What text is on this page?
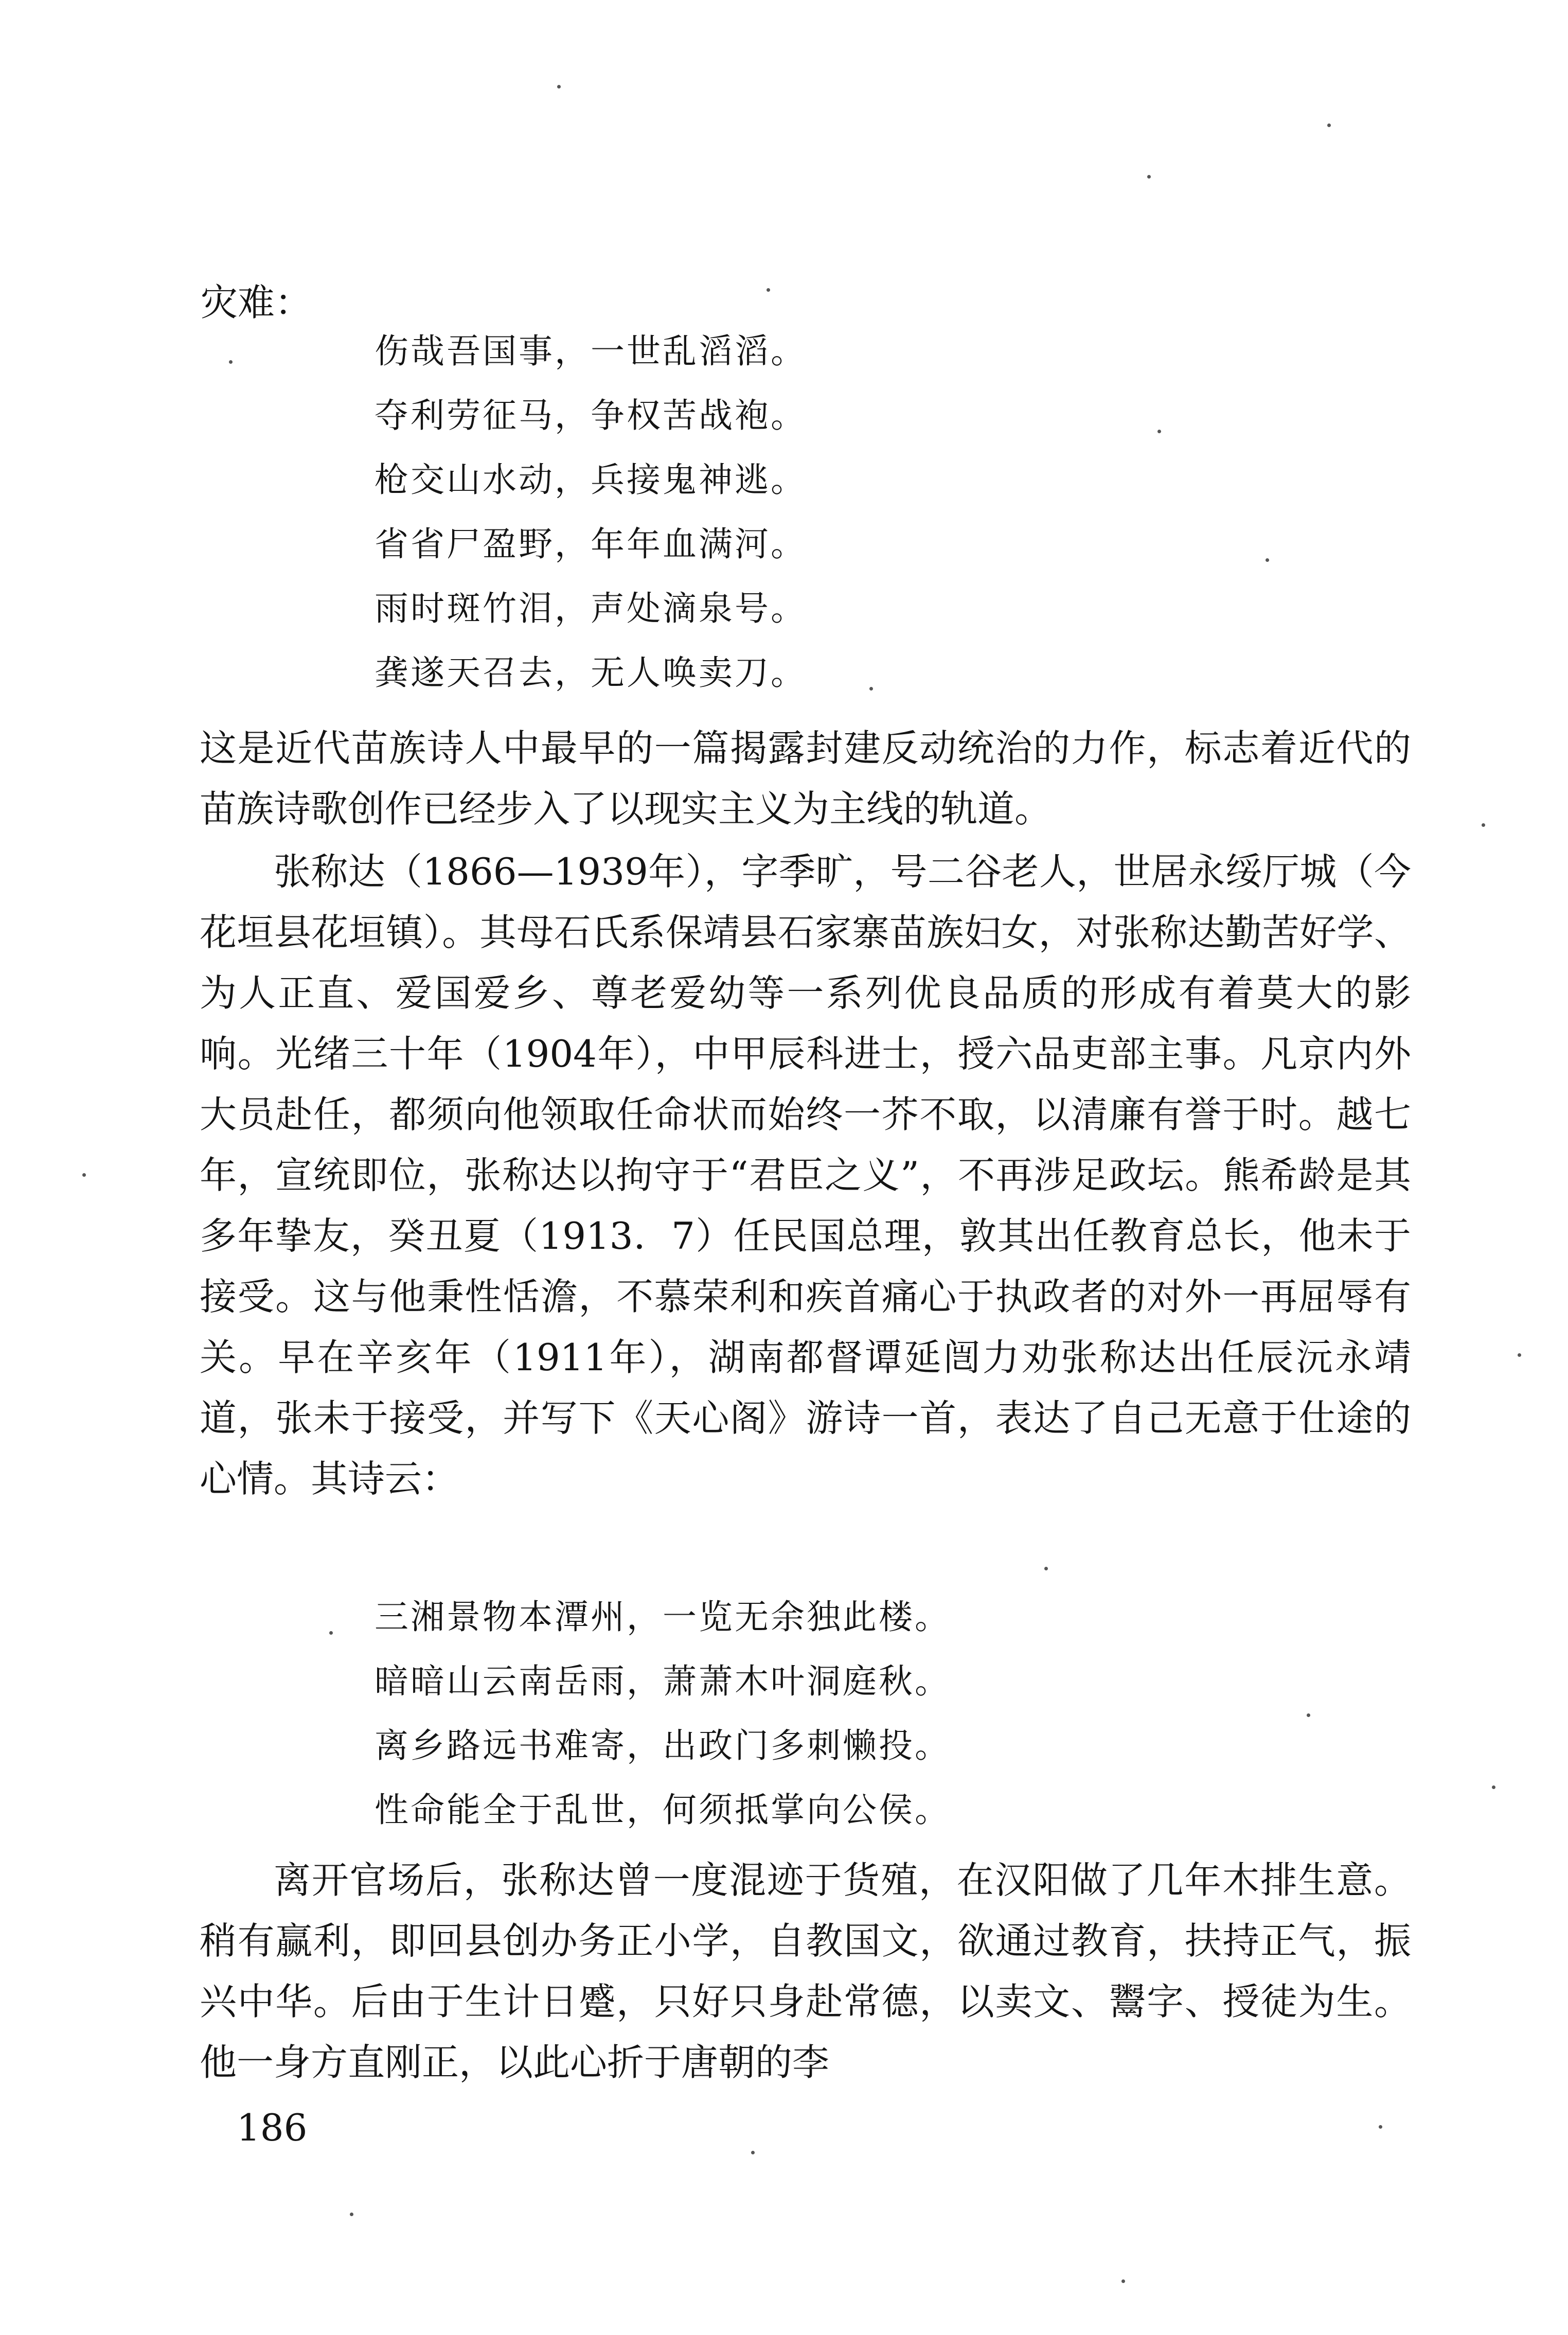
灾难：
伤哉吾国事，一世乱滔滔。
夺利劳征马，争权苦战袍。
枪交山水动，兵接鬼神逃。
省省尸盈野，年年血满河。
雨时斑竹泪，声处滴泉号。
龚遂天召去，无人唤卖刀。

这是近代苗族诗人中最早的一篇揭露封建反动统治的力作，标志着近代的苗族诗歌创作已经步入了以现实主义为主线的轨道。

张称达（1866—1939年），字季旷，号二谷老人，世居永绥厅城（今花垣县花垣镇）。其母石氏系保靖县石家寨苗族妇女，对张称达勤苦好学、为人正直、爱国爱乡、尊老爱幼等一系列优良品质的形成有着莫大的影响。光绪三十年（1904年），中甲辰科进士，授六品吏部主事。凡京内外大员赴任，都须向他领取任命状而始终一芥不取，以清廉有誉于时。越七年，宣统即位，张称达以拘守于“君臣之义”，不再涉足政坛。熊希龄是其多年挚友，癸丑夏（1913．7）任民国总理，敦其出任教育总长，他未于接受。这与他秉性恬澹，不慕荣利和疾首痛心于执政者的对外一再屈辱有关。早在辛亥年（1911年），湖南都督谭延闿力劝张称达出任辰沅永靖道，张未于接受，并写下《天心阁》游诗一首，表达了自己无意于仕途的心情。其诗云：

三湘景物本潭州，一览无余独此楼。
暗暗山云南岳雨，萧萧木叶洞庭秋。
离乡路远书难寄，出政门多刺懒投。
性命能全于乱世，何须抵掌向公侯。

离开官场后，张称达曾一度混迹于货殖，在汉阳做了几年木排生意。稍有赢利，即回县创办务正小学，自教国文，欲通过教育，扶持正气，振兴中华。后由于生计日蹙，只好只身赴常德，以卖文、鬻字、授徒为生。他一身方直刚正，以此心折于唐朝的李

186
